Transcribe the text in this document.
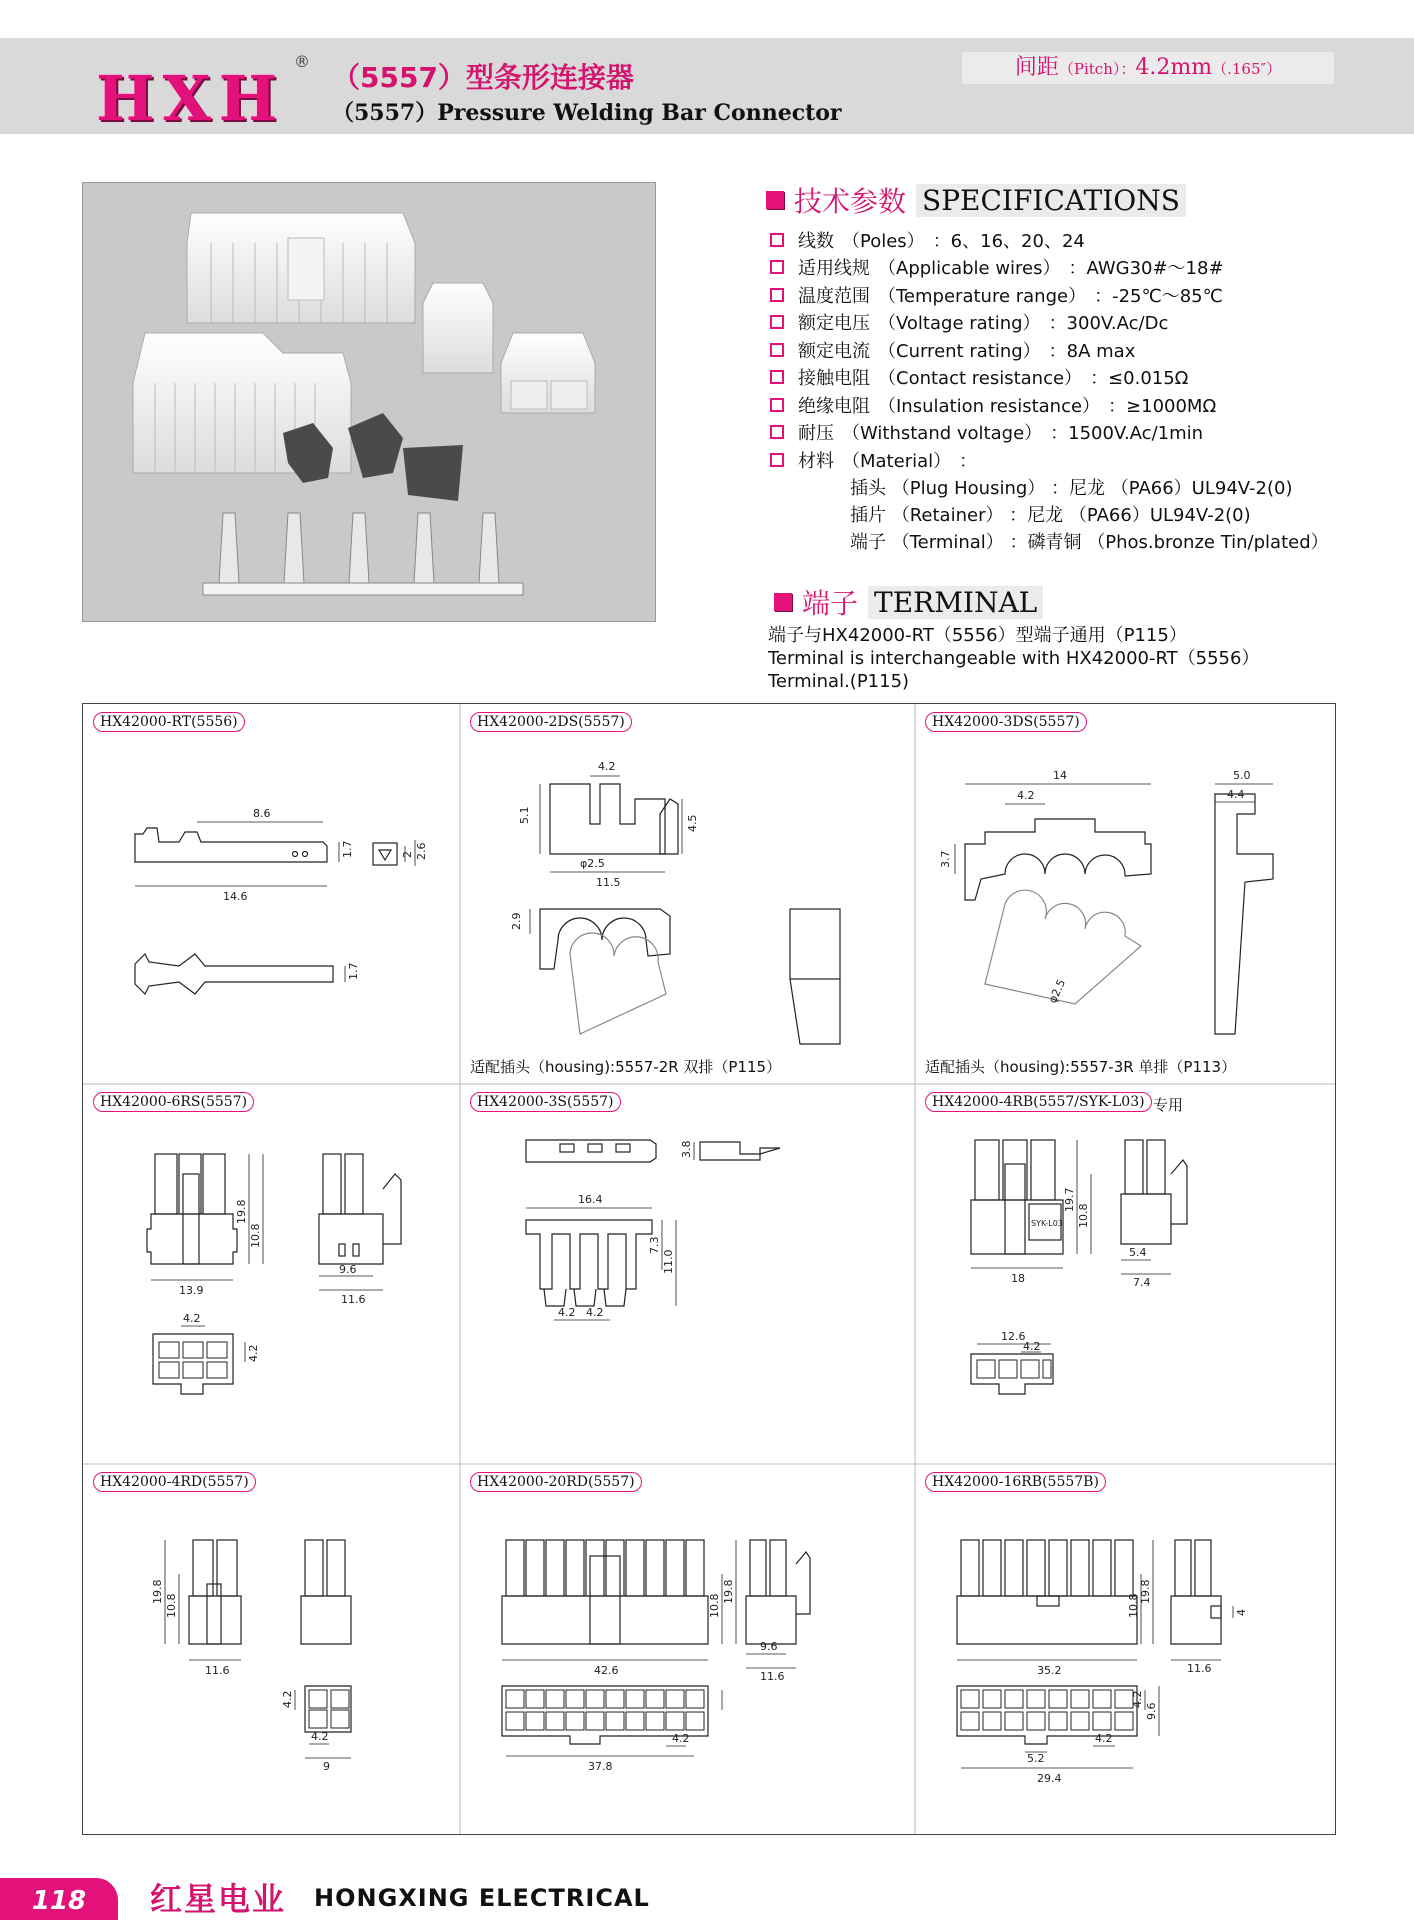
HXH
® （5557）型条形连接器
（5557）Pressure Welding Bar Connector
间距（Pitch）：4.2mm（.165″）
技术参数 SPECIFICATIONS
线数 （Poles） ：6、16、20、24
适用线规 （Applicable wires） ：AWG30#～18#
温度范围 （Temperature range） ：-25℃～85℃
额定电压 （Voltage rating） ：300V.Ac/Dc
额定电流 （Current rating） ：8A max
接触电阻 （Contact resistance） ：≤0.015Ω
绝缘电阻 （Insulation resistance） ：≥1000MΩ
耐压 （Withstand voltage） ：1500V.Ac/1min
材料 （Material） ：
插头 （Plug Housing） ：尼龙 （PA66）UL94V-2(0)
插片 （Retainer） ：尼龙 （PA66）UL94V-2(0)
端子 （Terminal） ：磷青铜 （Phos.bronze Tin/plated）
端子 TERMINAL
端子与HX42000-RT（5556）型端子通用（P115）
Terminal is interchangeable with HX42000-RT（5556）
Terminal.(P115)
HX42000-RT(5556)
8.6
14.6
1.7	2 2.6
1.7
HX42000-2DS(5557)
4.2
5.1	4.5
φ2.5
11.5
2.9
适配插头（housing):5557-2R 双排（P115）
HX42000-3DS(5557)
14
4.2
3.7
5.0
4.4
φ2.5
适配插头（housing):5557-3R 单排（P113）
HX42000-6RS(5557)
19.8
10.8
13.9
9.6
11.6
4.2
4.2
HX42000-3S(5557)
3.8
16.4
7.3
11.0
4.2 4.2
HX42000-4RB(5557/SYK-L03) 专用
SYK-L03
19.7
10.8
18
5.4
7.4
12.6
4.2
HX42000-4RD(5557)
19.8
10.8
11.6
4.2
4.2
9
HX42000-20RD(5557)
19.8
10.8
42.6
9.6
11.6
4.2
37.8
HX42000-16RB(5557B)
19.8
10.8
35.2
4
11.6
4.2
9.6
5.2
4.2
29.4
118	红星电业 HONGXING ELECTRICAL
